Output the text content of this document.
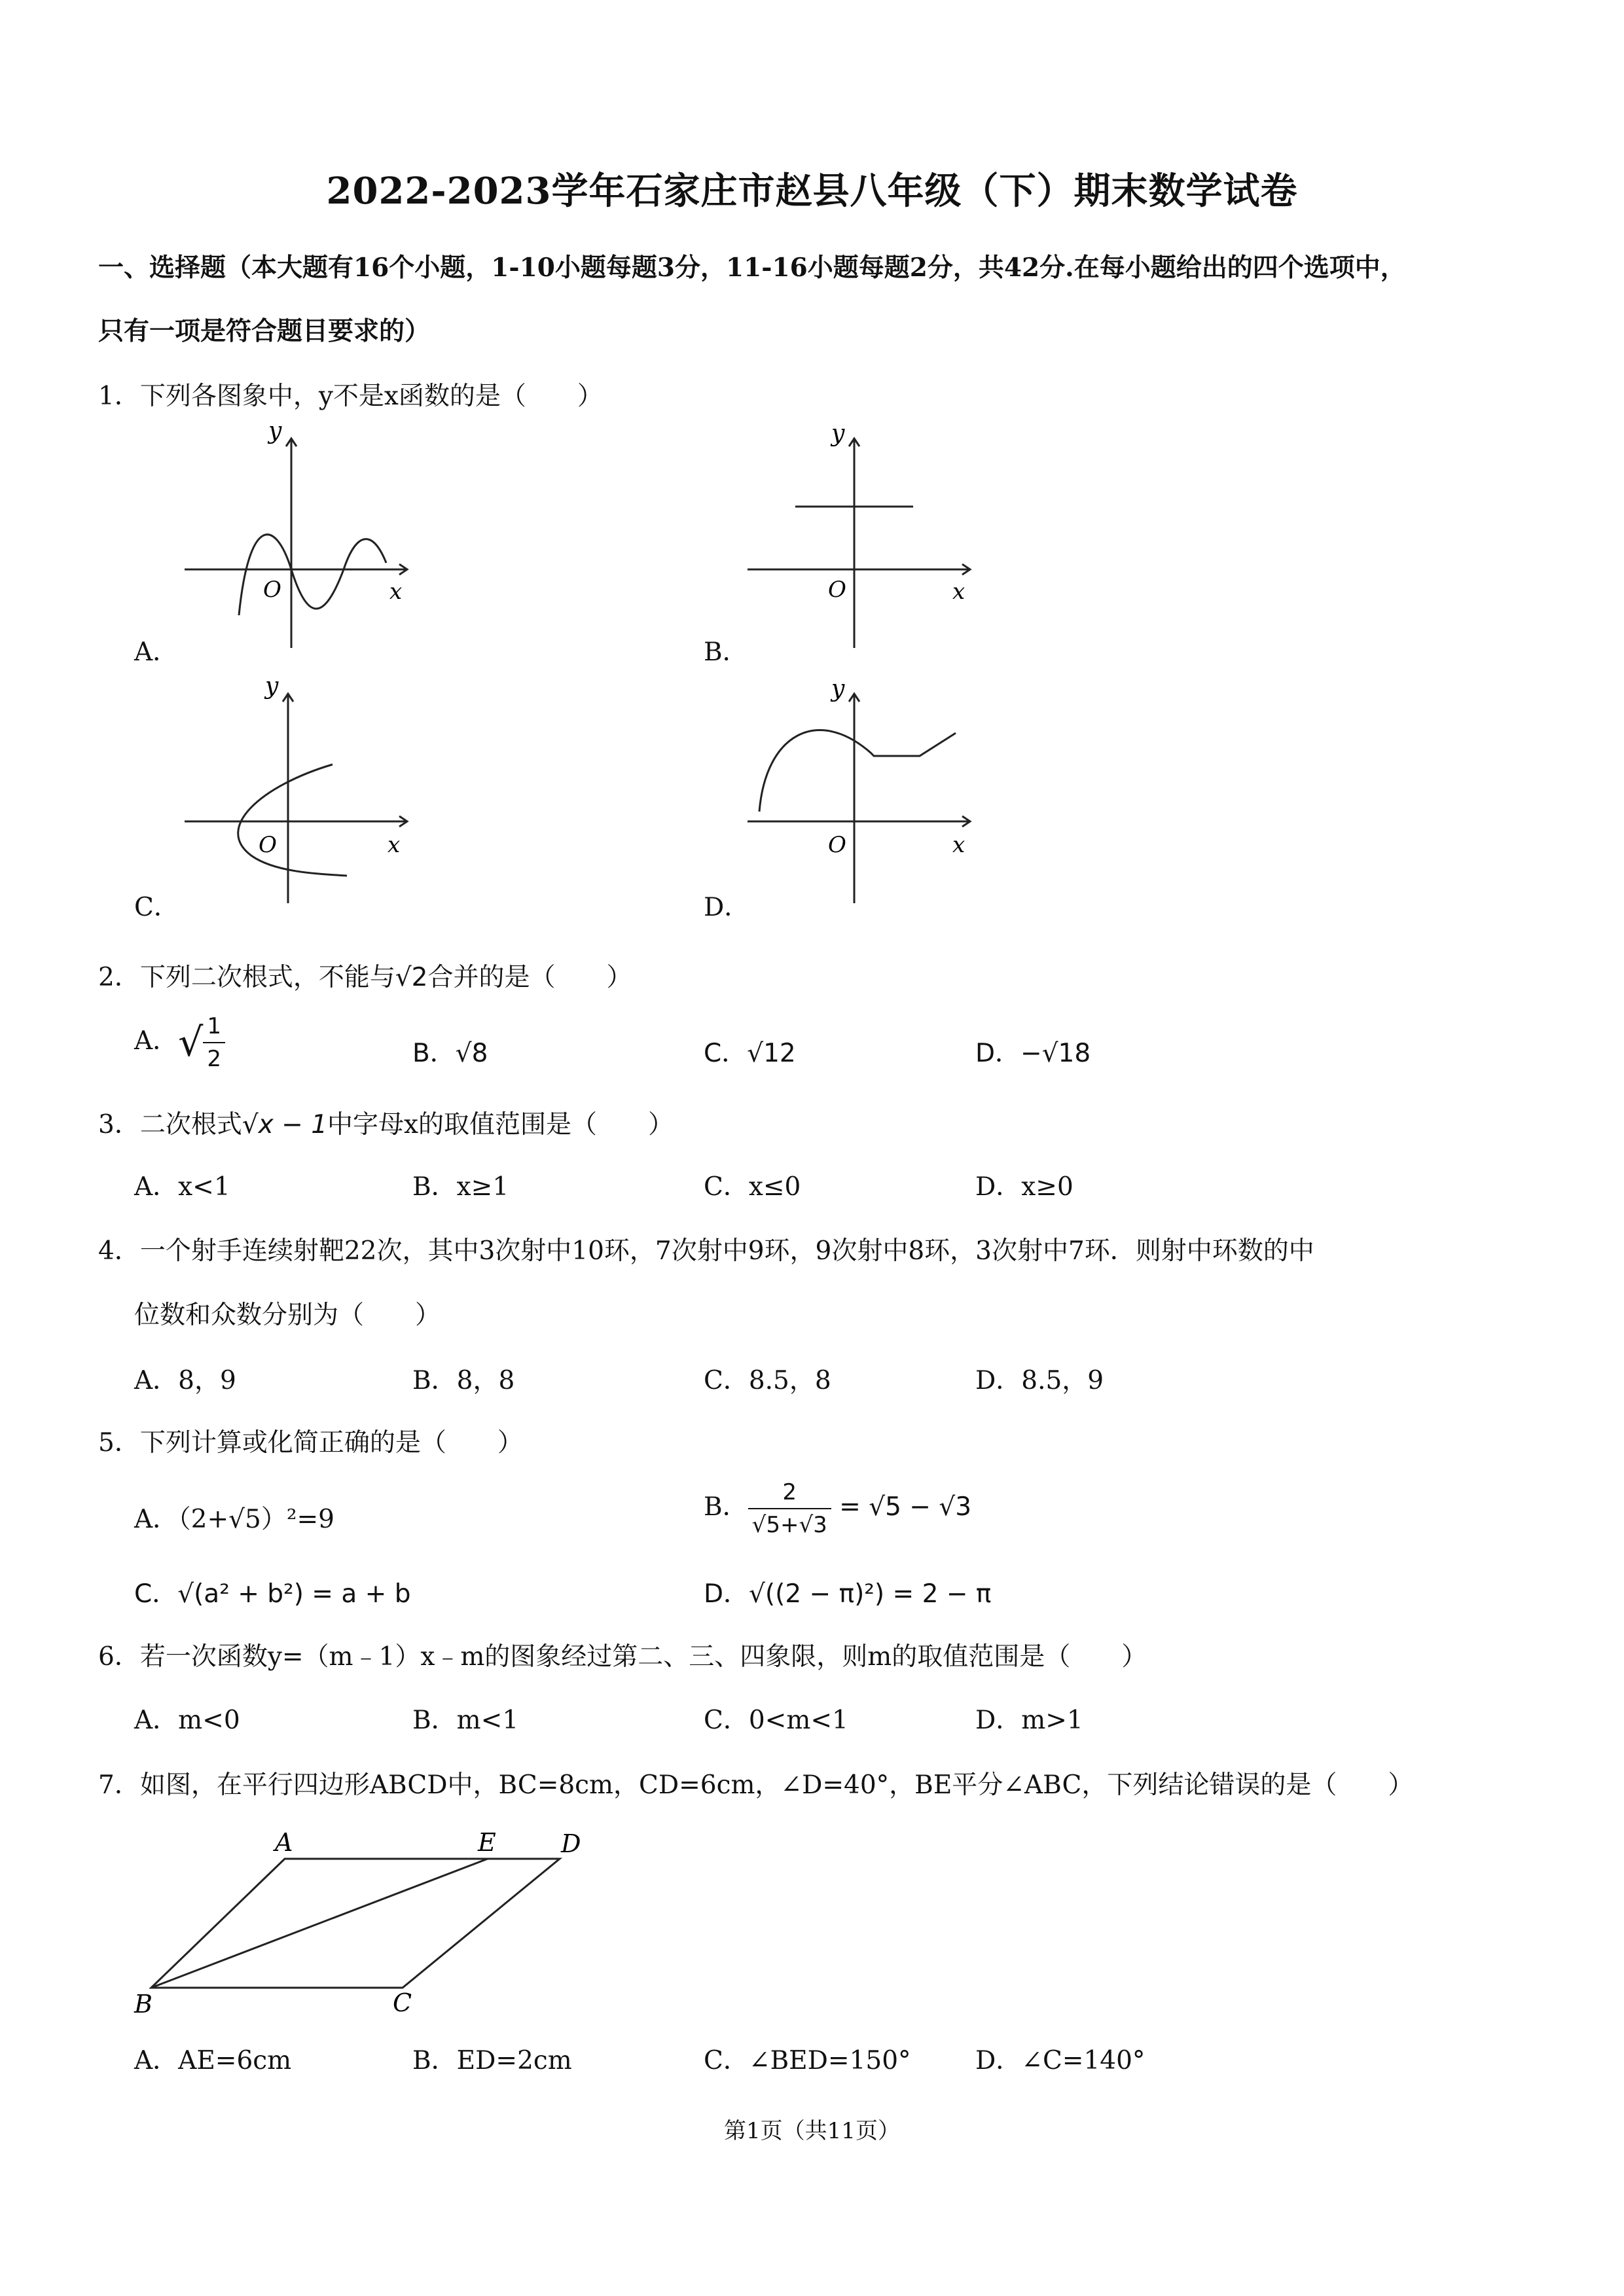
2022-2023学年石家庄市赵县八年级（下）期末数学试卷
一、选择题（本大题有16个小题，1-10小题每题3分，11-16小题每题2分，共42分.在每小题给出的四个选项中，
只有一项是符合题目要求的）
1．下列各图象中，y不是x函数的是（　　）
y
x
O
A．
y
x
O
B．
y
x
O
C．
y
x
O
D．
2．下列二次根式，不能与√2合并的是（　　）
A．√ $\frac{1}{2}$	B．√8	C．√12	D．−√18
3．二次根式√x − 1中字母x的取值范围是（　　）
A．x<1	B．x≥1	C．x≤0	D．x≥0
4．一个射手连续射靶22次，其中3次射中10环，7次射中9环，9次射中8环，3次射中7环．则射中环数的中
位数和众数分别为（　　）
A．8，9	B．8，8	C．8.5，8	D．8.5，9
5．下列计算或化简正确的是（　　）
A．（2+√5）²=9	B． $\frac{2}{√5+√3} = √5 - √3$
C．√(a² + b²) = a + b	D．√((2 − π)²) = 2 − π
6．若一次函数y=（m﹣1）x﹣m的图象经过第二、三、四象限，则m的取值范围是（　　）
A．m<0	B．m<1	C．0<m<1	D．m>1
7．如图，在平行四边形ABCD中，BC=8cm，CD=6cm，∠D=40°，BE平分∠ABC，下列结论错误的是（　　）
A	E	D
B	C
A．AE=6cm	B．ED=2cm	C．∠BED=150°	D．∠C=140°
第1页（共11页）
